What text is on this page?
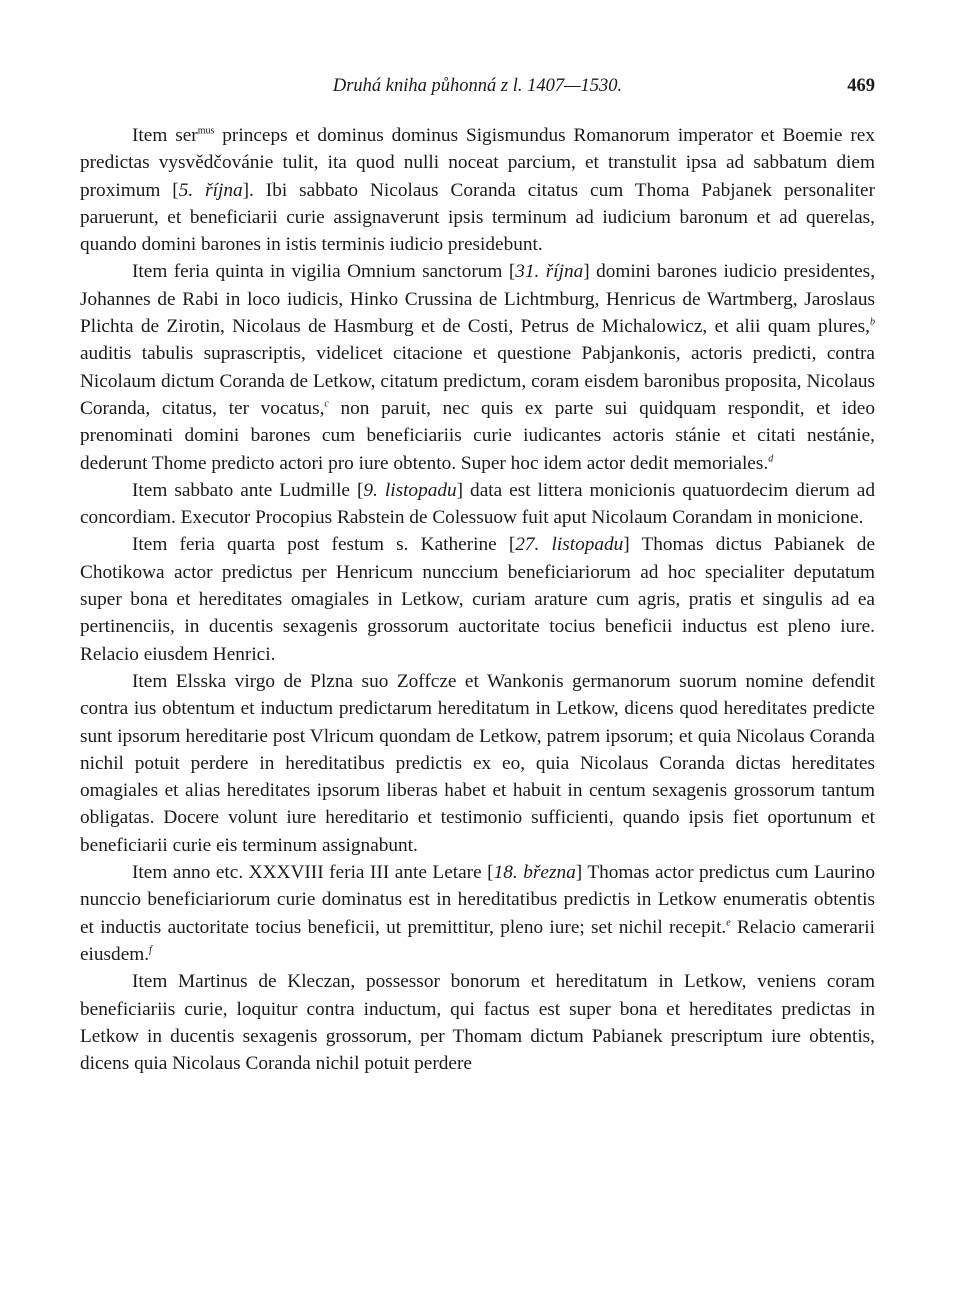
Druhá kniha půhonná z l. 1407—1530.	469

Item ser$^{mus}$ princeps et dominus dominus Sigismundus Romanorum imperator et Boemie rex predictas vysvědčovánie tulit, ita quod nulli noceat parcium, et transtulit ipsa ad sabbatum diem proximum [5. října]. Ibi sabbato Nicolaus Coranda citatus cum Thoma Pabjanek personaliter paruerunt, et beneficiarii curie assignaverunt ipsis terminum ad iudicium baronum et ad querelas, quando domini barones in istis terminis iudicio presidebunt.

Item feria quinta in vigilia Omnium sanctorum [31. října] domini barones iudicio presidentes, Johannes de Rabi in loco iudicis, Hinko Crussina de Lichtmburg, Henricus de Wartmberg, Jaroslaus Plichta de Zirotin, Nicolaus de Hasmburg et de Costi, Petrus de Michalowicz, et alii quam plures,$^b$ auditis tabulis suprascriptis, videlicet citacione et questione Pabjankonis, actoris predicti, contra Nicolaum dictum Coranda de Letkow, citatum predictum, coram eisdem baronibus proposita, Nicolaus Coranda, citatus, ter vocatus,$^c$ non paruit, nec quis ex parte sui quidquam respondit, et ideo prenominati domini barones cum beneficiariis curie iudicantes actoris stánie et citati nestánie, dederunt Thome predicto actori pro iure obtento. Super hoc idem actor dedit memoriales.$^d$

Item sabbato ante Ludmille [9. listopadu] data est littera monicionis quatuordecim dierum ad concordiam. Executor Procopius Rabstein de Colessuow fuit aput Nicolaum Corandam in monicione.

Item feria quarta post festum s. Katherine [27. listopadu] Thomas dictus Pabianek de Chotikowa actor predictus per Henricum nunccium beneficiariorum ad hoc specialiter deputatum super bona et hereditates omagiales in Letkow, curiam arature cum agris, pratis et singulis ad ea pertinenciis, in ducentis sexagenis grossorum auctoritate tocius beneficii inductus est pleno iure. Relacio eiusdem Henrici.

Item Elsska virgo de Plzna suo Zoffcze et Wankonis germanorum suorum nomine defendit contra ius obtentum et inductum predictarum hereditatum in Letkow, dicens quod hereditates predicte sunt ipsorum hereditarie post Vlricum quondam de Letkow, patrem ipsorum; et quia Nicolaus Coranda nichil potuit perdere in hereditatibus predictis ex eo, quia Nicolaus Coranda dictas hereditates omagiales et alias hereditates ipsorum liberas habet et habuit in centum sexagenis grossorum tantum obligatas. Docere volunt iure hereditario et testimonio sufficienti, quando ipsis fiet oportunum et beneficiarii curie eis terminum assignabunt.

Item anno etc. XXXVIII feria III ante Letare [18. března] Thomas actor predictus cum Laurino nunccio beneficiariorum curie dominatus est in hereditatibus predictis in Letkow enumeratis obtentis et inductis auctoritate tocius beneficii, ut premittitur, pleno iure; set nichil recepit.$^e$ Relacio camerarii eiusdem.$^f$

Item Martinus de Kleczan, possessor bonorum et hereditatum in Letkow, veniens coram beneficiariis curie, loquitur contra inductum, qui factus est super bona et hereditates predictas in Letkow in ducentis sexagenis grossorum, per Thomam dictum Pabianek prescriptum iure obtentis, dicens quia Nicolaus Coranda nichil potuit perdere
